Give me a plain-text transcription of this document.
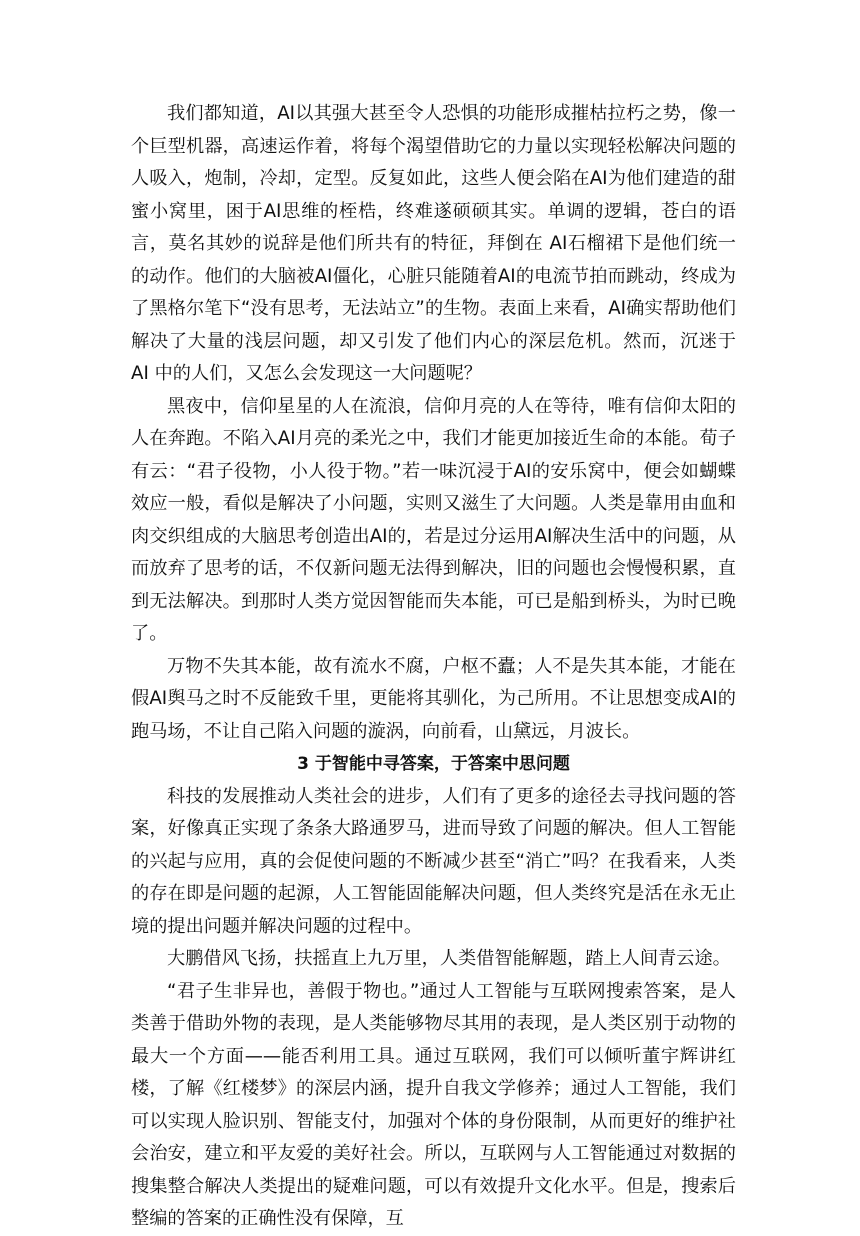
我们都知道，AI以其强大甚至令人恐惧的功能形成摧枯拉朽之势，像一个巨型机器，高速运作着，将每个渴望借助它的力量以实现轻松解决问题的人吸入，炮制，冷却，定型。反复如此，这些人便会陷在AI为他们建造的甜蜜小窝里，困于AI思维的桎梏，终难遂硕硕其实。单调的逻辑，苍白的语言，莫名其妙的说辞是他们所共有的特征，拜倒在 AI石榴裙下是他们统一的动作。他们的大脑被AI僵化，心脏只能随着AI的电流节拍而跳动，终成为了黑格尔笔下“没有思考，无法站立”的生物。表面上来看，AI确实帮助他们解决了大量的浅层问题，却又引发了他们内心的深层危机。然而，沉迷于 AI 中的人们，又怎么会发现这一大问题呢？

黑夜中，信仰星星的人在流浪，信仰月亮的人在等待，唯有信仰太阳的人在奔跑。不陷入AI月亮的柔光之中，我们才能更加接近生命的本能。荀子有云：“君子役物，小人役于物。”若一味沉浸于AI的安乐窝中，便会如蝴蝶效应一般，看似是解决了小问题，实则又滋生了大问题。人类是靠用由血和肉交织组成的大脑思考创造出AI的，若是过分运用AI解决生活中的问题，从而放弃了思考的话，不仅新问题无法得到解决，旧的问题也会慢慢积累，直到无法解决。到那时人类方觉因智能而失本能，可已是船到桥头，为时已晚了。

万物不失其本能，故有流水不腐，户枢不蠹；人不是失其本能，才能在假AI舆马之时不反能致千里，更能将其驯化，为己所用。不让思想变成AI的跑马场，不让自己陷入问题的漩涡，向前看，山黛远，月波长。

3 于智能中寻答案，于答案中思问题

科技的发展推动人类社会的进步，人们有了更多的途径去寻找问题的答案，好像真正实现了条条大路通罗马，进而导致了问题的解决。但人工智能的兴起与应用，真的会促使问题的不断减少甚至“消亡”吗？在我看来，人类的存在即是问题的起源，人工智能固能解决问题，但人类终究是活在永无止境的提出问题并解决问题的过程中。

大鹏借风飞扬，扶摇直上九万里，人类借智能解题，踏上人间青云途。

“君子生非异也，善假于物也。”通过人工智能与互联网搜索答案，是人类善于借助外物的表现，是人类能够物尽其用的表现，是人类区别于动物的最大一个方面——能否利用工具。通过互联网，我们可以倾听董宇辉讲红楼，了解《红楼梦》的深层内涵，提升自我文学修养；通过人工智能，我们可以实现人脸识别、智能支付，加强对个体的身份限制，从而更好的维护社会治安，建立和平友爱的美好社会。所以，互联网与人工智能通过对数据的搜集整合解决人类提出的疑难问题，可以有效提升文化水平。但是，搜索后整编的答案的正确性没有保障，互
